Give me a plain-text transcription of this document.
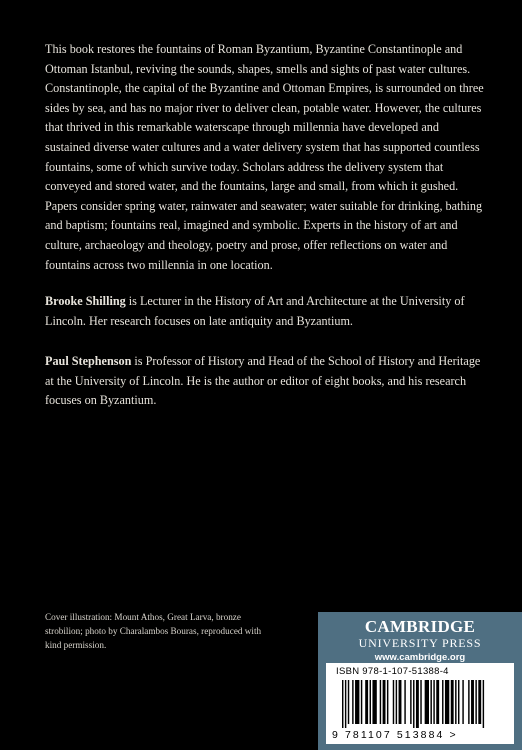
This book restores the fountains of Roman Byzantium, Byzantine Constantinople and Ottoman Istanbul, reviving the sounds, shapes, smells and sights of past water cultures. Constantinople, the capital of the Byzantine and Ottoman Empires, is surrounded on three sides by sea, and has no major river to deliver clean, potable water. However, the cultures that thrived in this remarkable waterscape through millennia have developed and sustained diverse water cultures and a water delivery system that has supported countless fountains, some of which survive today. Scholars address the delivery system that conveyed and stored water, and the fountains, large and small, from which it gushed. Papers consider spring water, rainwater and seawater; water suitable for drinking, bathing and baptism; fountains real, imagined and symbolic. Experts in the history of art and culture, archaeology and theology, poetry and prose, offer reflections on water and fountains across two millennia in one location.

Brooke Shilling is Lecturer in the History of Art and Architecture at the University of Lincoln. Her research focuses on late antiquity and Byzantium.

Paul Stephenson is Professor of History and Head of the School of History and Heritage at the University of Lincoln. He is the author or editor of eight books, and his research focuses on Byzantium.

Cover illustration: Mount Athos, Great Larva, bronze strobilion; photo by Charalambos Bouras, reproduced with kind permission.

CAMBRIDGE
UNIVERSITY PRESS
www.cambridge.org
ISBN 978-1-107-51388-4
9 781107 513884 >
